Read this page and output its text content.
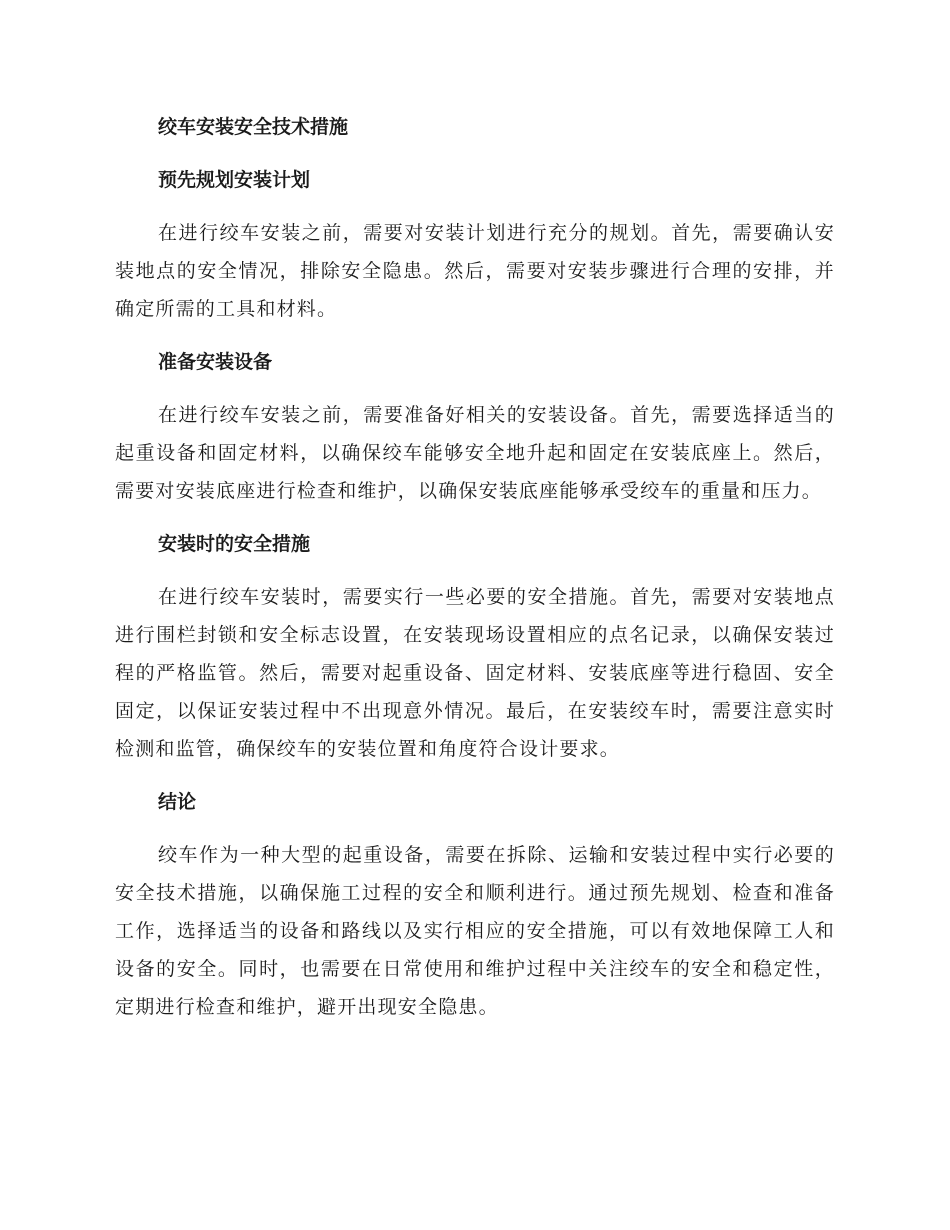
绞车安装安全技术措施
预先规划安装计划

在进行绞车安装之前，需要对安装计划进行充分的规划。首先，需要确认安装地点的安全情况，排除安全隐患。然后，需要对安装步骤进行合理的安排，并确定所需的工具和材料。

准备安装设备

在进行绞车安装之前，需要准备好相关的安装设备。首先，需要选择适当的起重设备和固定材料，以确保绞车能够安全地升起和固定在安装底座上。然后，需要对安装底座进行检查和维护，以确保安装底座能够承受绞车的重量和压力。

安装时的安全措施

在进行绞车安装时，需要实行一些必要的安全措施。首先，需要对安装地点进行围栏封锁和安全标志设置，在安装现场设置相应的点名记录，以确保安装过程的严格监管。然后，需要对起重设备、固定材料、安装底座等进行稳固、安全固定，以保证安装过程中不出现意外情况。最后，在安装绞车时，需要注意实时检测和监管，确保绞车的安装位置和角度符合设计要求。

结论

绞车作为一种大型的起重设备，需要在拆除、运输和安装过程中实行必要的安全技术措施，以确保施工过程的安全和顺利进行。通过预先规划、检查和准备工作，选择适当的设备和路线以及实行相应的安全措施，可以有效地保障工人和设备的安全。同时，也需要在日常使用和维护过程中关注绞车的安全和稳定性，定期进行检查和维护，避开出现安全隐患。
